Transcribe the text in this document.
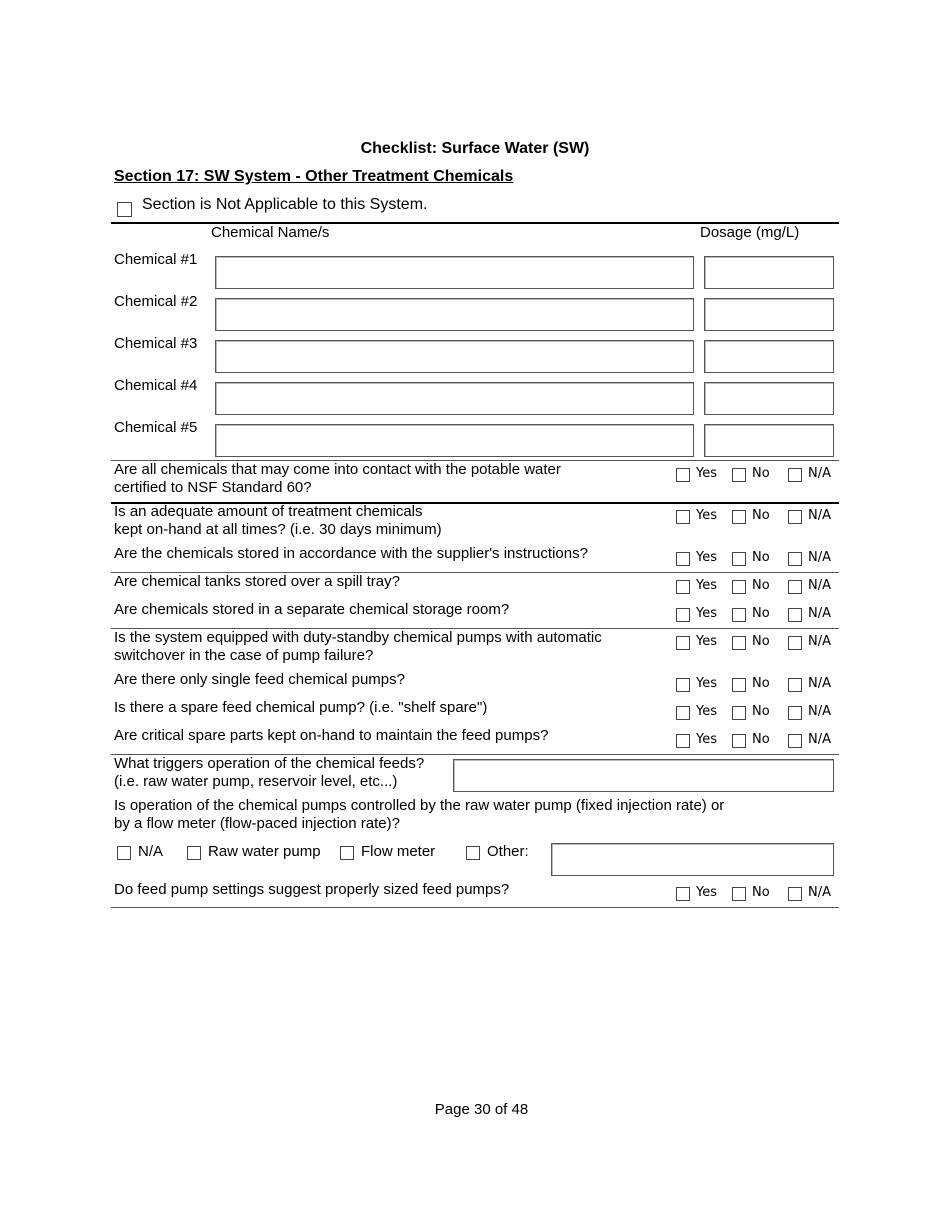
Checklist: Surface Water (SW)
Section 17: SW System - Other Treatment Chemicals
Section is Not Applicable to this System.
Chemical Name/s	Dosage (mg/L)
Chemical #1
Chemical #2
Chemical #3
Chemical #4
Chemical #5
Are all chemicals that may come into contact with the potable water
certified to NSF Standard 60?
Yes	No	N/A
Is an adequate amount of treatment chemicals
kept on-hand at all times? (i.e. 30 days minimum)
Yes	No	N/A
Are the chemicals stored in accordance with the supplier's instructions?	Yes	No	N/A
Are chemical tanks stored over a spill tray?	Yes	No	N/A
Are chemicals stored in a separate chemical storage room?	Yes	No	N/A
Is the system equipped with duty-standby chemical pumps with automatic
switchover in the case of pump failure?
Yes	No	N/A
Are there only single feed chemical pumps?	Yes	No	N/A
Is there a spare feed chemical pump? (i.e. "shelf spare")	Yes	No	N/A
Are critical spare parts kept on-hand to maintain the feed pumps?	Yes	No	N/A
What triggers operation of the chemical feeds?
(i.e. raw water pump, reservoir level, etc...)
Is operation of the chemical pumps controlled by the raw water pump (fixed injection rate) or
by a flow meter (flow-paced injection rate)?
N/A	Raw water pump	Flow meter	Other:
Do feed pump settings suggest properly sized feed pumps?	Yes	No	N/A
Page 30 of 48
